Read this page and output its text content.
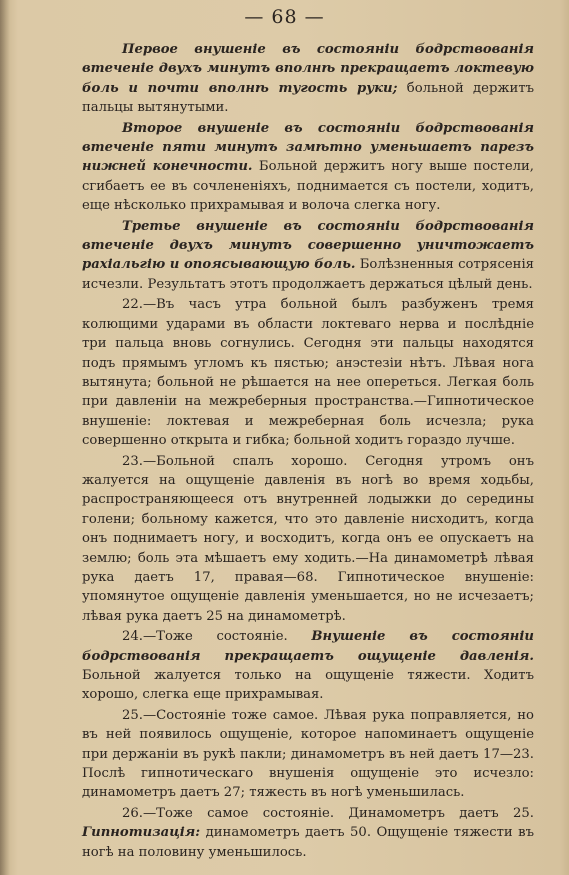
— 68 —

Первое внушеніе въ состояніи бодрствованія втеченіе двухъ минутъ вполнѣ прекращаетъ локтевую боль и почти вполнѣ тугость руки; больной держитъ пальцы вытянутыми.

Второе внушеніе въ состояніи бодрствованія втеченіе пяти минутъ замѣтно уменьшаетъ парезъ нижней конечности. Больной держитъ ногу выше постели, сгибаетъ ее въ сочлененіяхъ, поднимается съ постели, ходитъ, еще нѣсколько прихрамывая и волоча слегка ногу.

Третье внушеніе въ состояніи бодрствованія втеченіе двухъ минутъ совершенно уничтожаетъ рахіальгію и опоясывающую боль. Болѣзненныя сотрясенія исчезли. Результатъ этотъ продолжаетъ держаться цѣлый день.

22.—Въ часъ утра больной былъ разбуженъ тремя колющими ударами въ области локтеваго нерва и послѣдніе три пальца вновь согнулись. Сегодня эти пальцы находятся подъ прямымъ угломъ къ пястью; анэстезіи нѣтъ. Лѣвая нога вытянута; больной не рѣшается на нее опереться. Легкая боль при давленіи на межреберныя пространства.—Гипнотическое внушеніе: локтевая и межреберная боль исчезла; рука совершенно открыта и гибка; больной ходитъ гораздо лучше.

23.—Больной спалъ хорошо. Сегодня утромъ онъ жалуется на ощущеніе давленія въ ногѣ во время ходьбы, распространяющееся отъ внутренней лодыжки до середины голени; больному кажется, что это давленіе нисходитъ, когда онъ поднимаетъ ногу, и восходитъ, когда онъ ее опускаетъ на землю; боль эта мѣшаетъ ему ходить.—На динамометрѣ лѣвая рука даетъ 17, правая—68. Гипнотическое внушеніе: упомянутое ощущеніе давленія уменьшается, но не исчезаетъ; лѣвая рука даетъ 25 на динамометрѣ.

24.—Тоже состояніе. Внушеніе въ состояніи бодрствованія прекращаетъ ощущеніе давленія. Больной жалуется только на ощущеніе тяжести. Ходитъ хорошо, слегка еще прихрамывая.

25.—Состояніе тоже самое. Лѣвая рука поправляется, но въ ней появилось ощущеніе, которое напоминаетъ ощущеніе при держаніи въ рукѣ пакли; динамометръ въ ней даетъ 17—23. Послѣ гипнотическаго внушенія ощущеніе это исчезло: динамометръ даетъ 27; тяжесть въ ногѣ уменьшилась.

26.—Тоже самое состояніе. Динамометръ даетъ 25. Гипнотизація: динамометръ даетъ 50. Ощущеніе тяжести въ ногѣ на половину уменьшилось.
